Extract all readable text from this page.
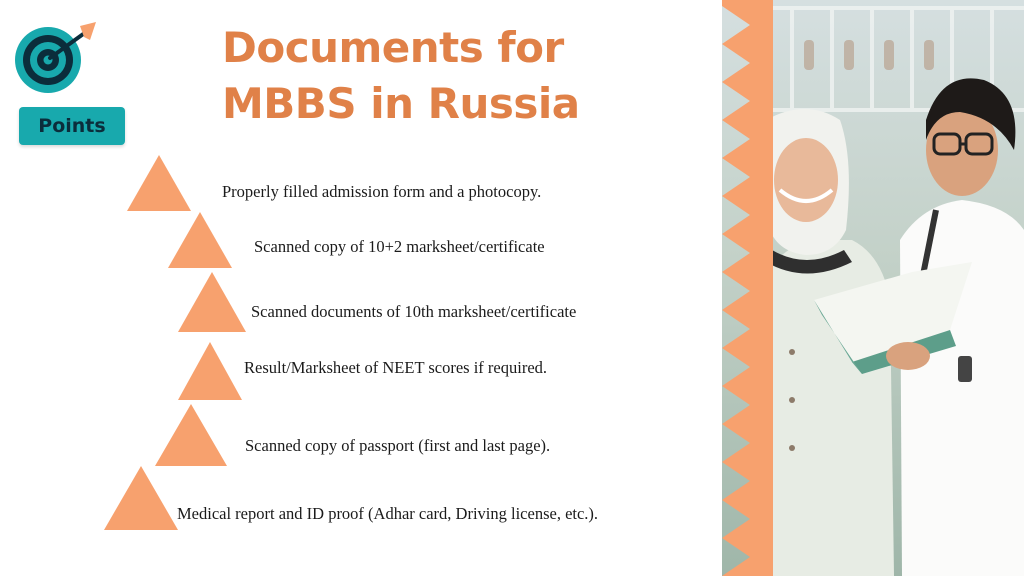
Points
Documents for
MBBS in Russia
Properly filled admission form and a photocopy.
Scanned copy of 10+2 marksheet/certificate
Scanned documents of 10th marksheet/certificate
Result/Marksheet of NEET scores if required.
Scanned copy of passport (first and last page).
Medical report and ID proof (Adhar card, Driving license, etc.).
